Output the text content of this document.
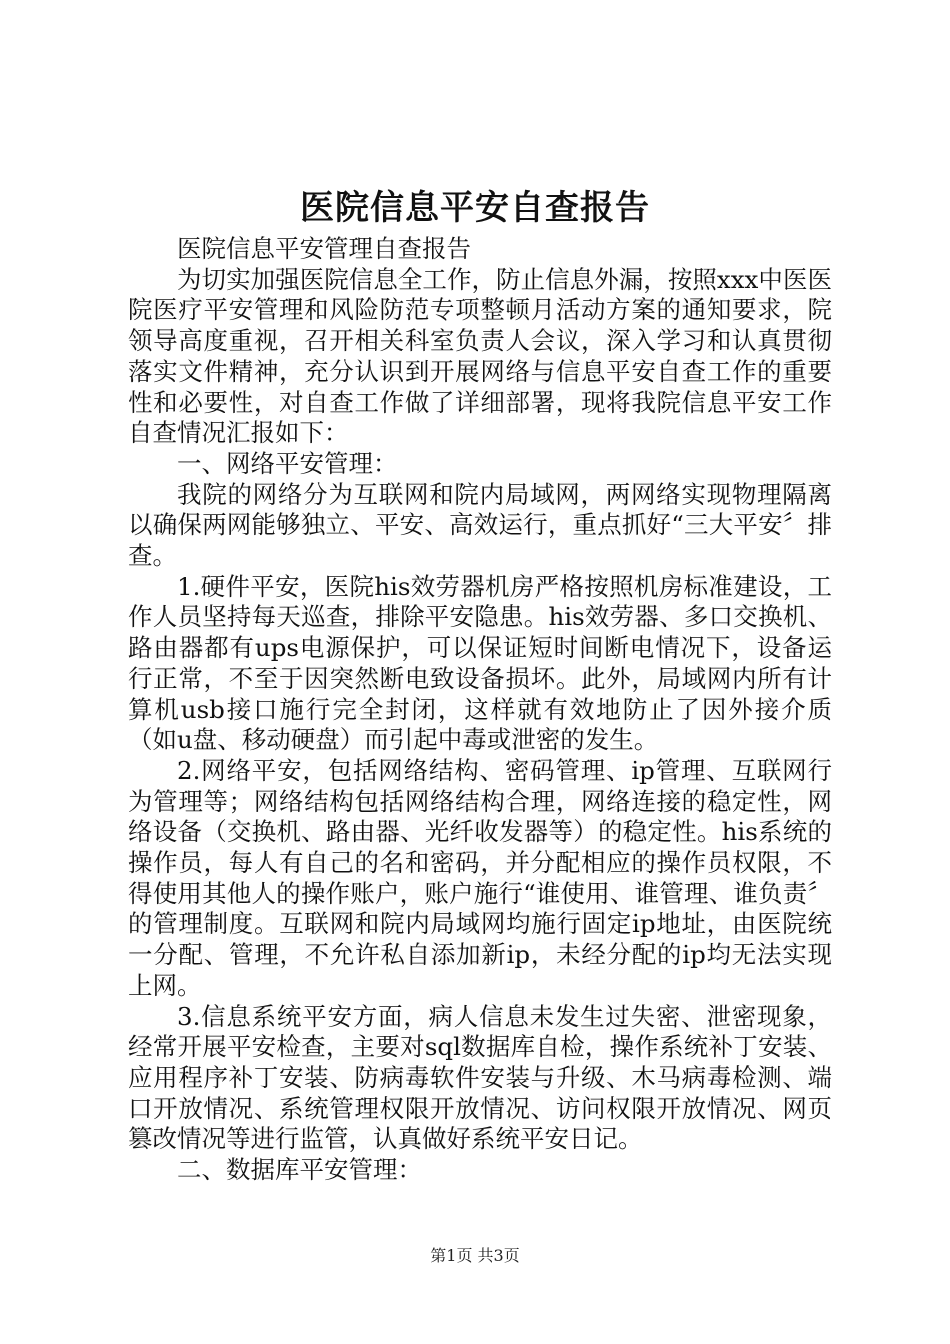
医院信息平安自查报告

医院信息平安管理自查报告

为切实加强医院信息全工作，防止信息外漏，按照xxx中医医院医疗平安管理和风险防范专项整顿月活动方案的通知要求，院领导高度重视，召开相关科室负责人会议，深入学习和认真贯彻落实文件精神，充分认识到开展网络与信息平安自查工作的重要性和必要性，对自查工作做了详细部署，现将我院信息平安工作自查情况汇报如下：

一、网络平安管理：

我院的网络分为互联网和院内局域网，两网络实现物理隔离以确保两网能够独立、平安、高效运行，重点抓好“三大平安〞排查。

1.硬件平安，医院his效劳器机房严格按照机房标准建设，工作人员坚持每天巡查，排除平安隐患。his效劳器、多口交换机、路由器都有ups电源保护，可以保证短时间断电情况下，设备运行正常，不至于因突然断电致设备损坏。此外，局域网内所有计算机usb接口施行完全封闭，这样就有效地防止了因外接介质（如u盘、移动硬盘）而引起中毒或泄密的发生。

2.网络平安，包括网络结构、密码管理、ip管理、互联网行为管理等；网络结构包括网络结构合理，网络连接的稳定性，网络设备（交换机、路由器、光纤收发器等）的稳定性。his系统的操作员，每人有自己的名和密码，并分配相应的操作员权限，不得使用其他人的操作账户，账户施行“谁使用、谁管理、谁负责〞的管理制度。互联网和院内局域网均施行固定ip地址，由医院统一分配、管理，不允许私自添加新ip，未经分配的ip均无法实现上网。

3.信息系统平安方面，病人信息未发生过失密、泄密现象，经常开展平安检查，主要对sql数据库自检，操作系统补丁安装、应用程序补丁安装、防病毒软件安装与升级、木马病毒检测、端口开放情况、系统管理权限开放情况、访问权限开放情况、网页篡改情况等进行监管，认真做好系统平安日记。

二、数据库平安管理：

第1页 共3页
